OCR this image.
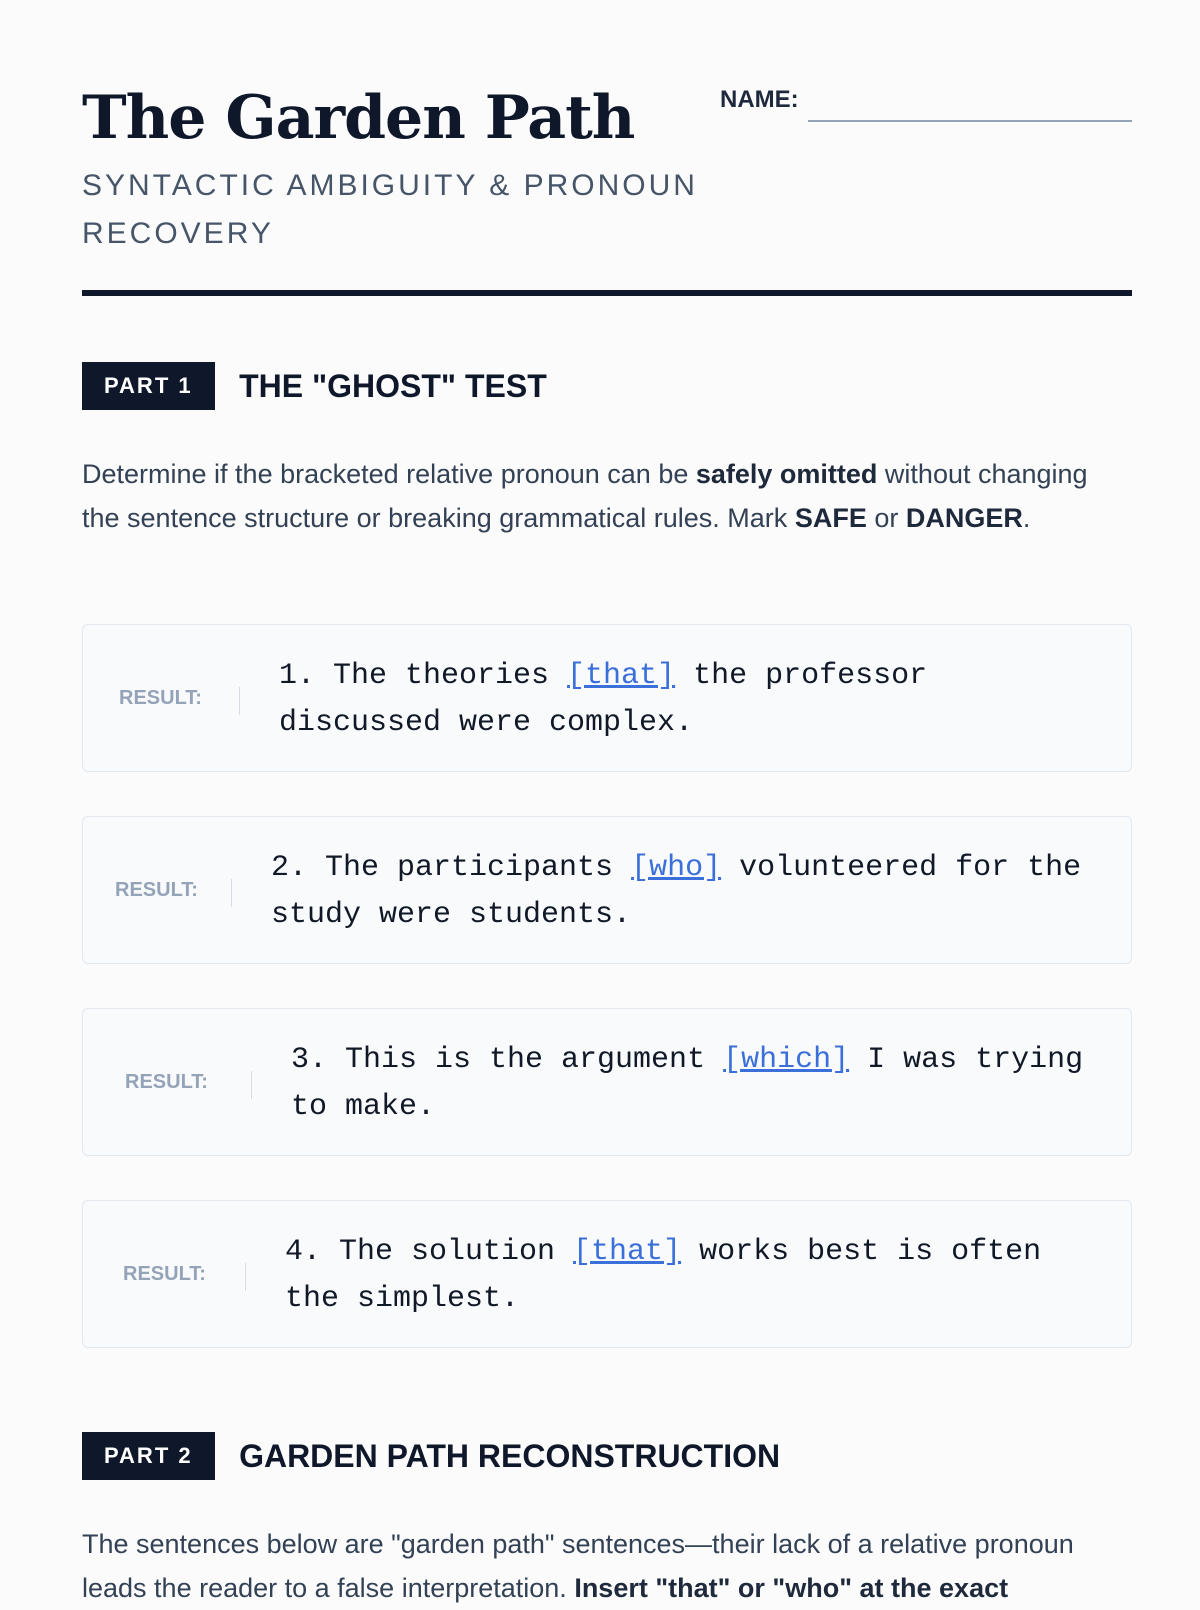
The Garden Path
SYNTACTIC AMBIGUITY & PRONOUN RECOVERY
NAME:
PART 1 THE "GHOST" TEST
Determine if the bracketed relative pronoun can be safely omitted without changing the sentence structure or breaking grammatical rules. Mark SAFE or DANGER.
RESULT:
1. The theories [that] the professor discussed were complex.
RESULT:
2. The participants [who] volunteered for the study were students.
RESULT:
3. This is the argument [which] I was trying to make.
RESULT:
4. The solution [that] works best is often the simplest.
PART 2 GARDEN PATH RECONSTRUCTION
The sentences below are "garden path" sentences—their lack of a relative pronoun leads the reader to a false interpretation. Insert "that" or "who" at the exact
